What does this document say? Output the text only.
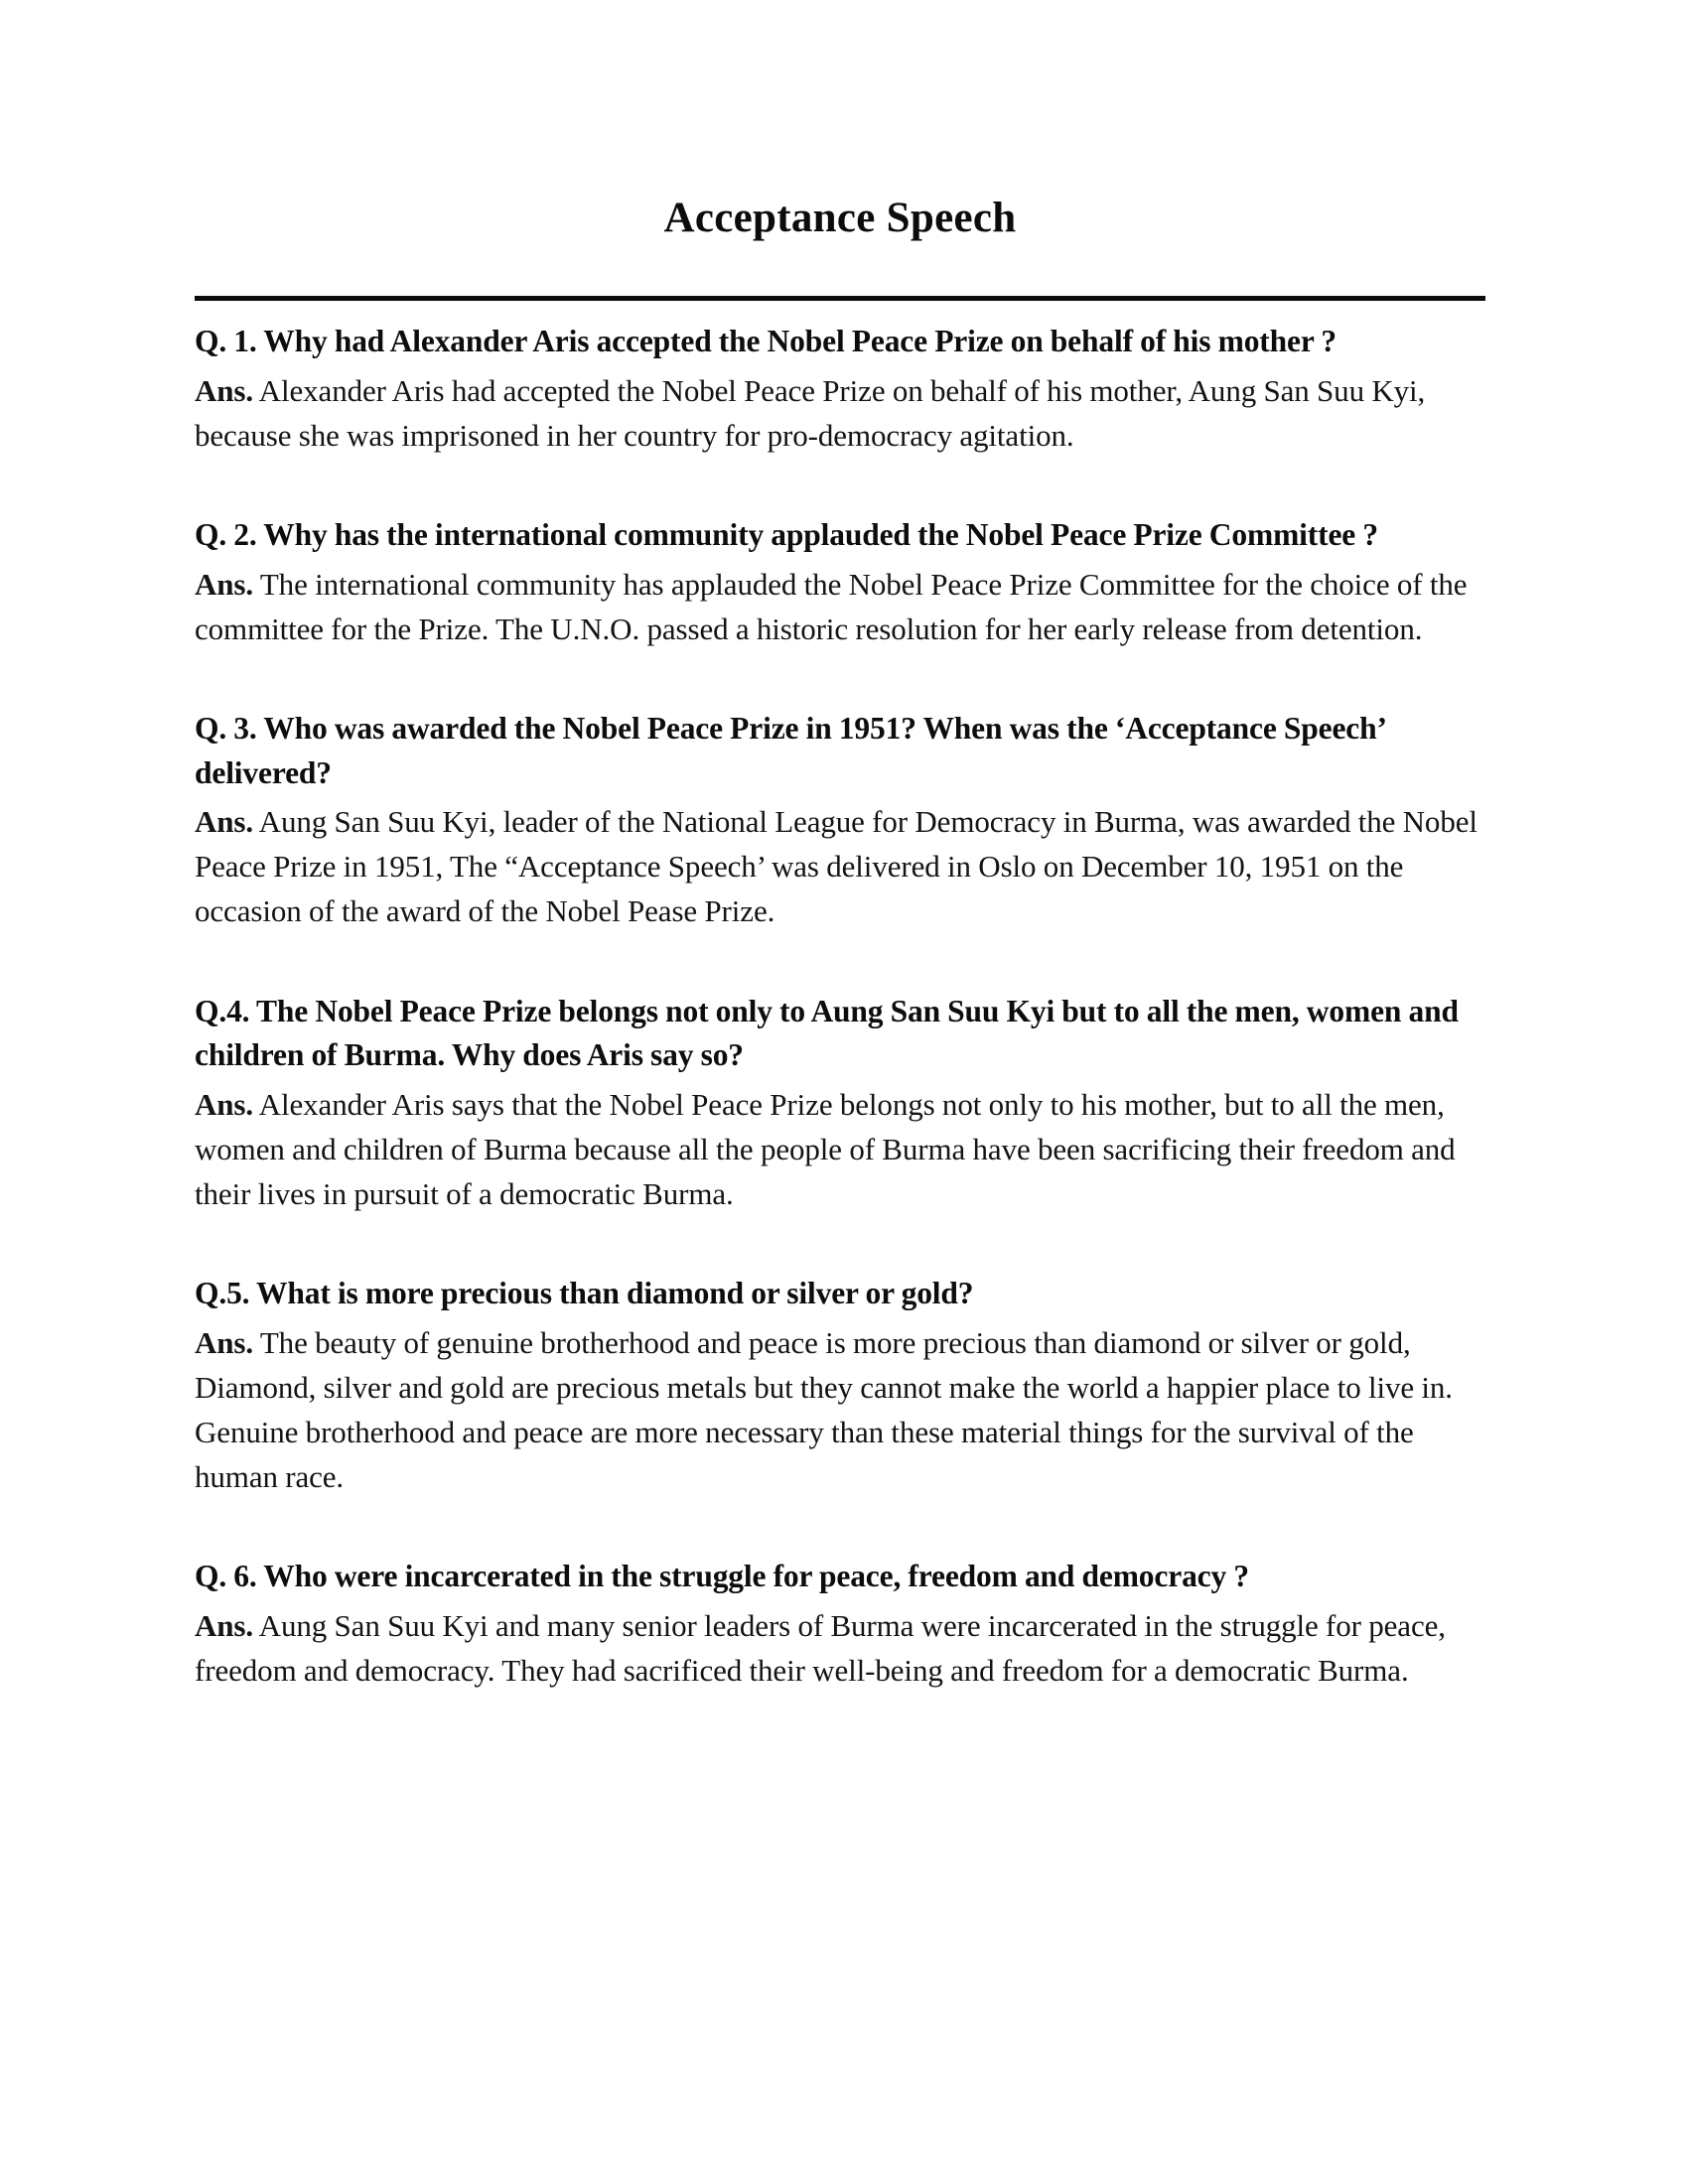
Acceptance Speech

Q. 1. Why had Alexander Aris accepted the Nobel Peace Prize on behalf of his mother ?

Ans. Alexander Aris had accepted the Nobel Peace Prize on behalf of his mother, Aung San Suu Kyi, because she was imprisoned in her country for pro-democracy agitation.

Q. 2. Why has the international community applauded the Nobel Peace Prize Committee ?

Ans. The international community has applauded the Nobel Peace Prize Committee for the choice of the committee for the Prize. The U.N.O. passed a historic resolution for her early release from detention.

Q. 3. Who was awarded the Nobel Peace Prize in 1951? When was the ‘Acceptance Speech’ delivered?

Ans. Aung San Suu Kyi, leader of the National League for Democracy in Burma, was awarded the Nobel Peace Prize in 1951, The “Acceptance Speech’ was delivered in Oslo on December 10, 1951 on the occasion of the award of the Nobel Pease Prize.

Q.4. The Nobel Peace Prize belongs not only to Aung San Suu Kyi but to all the men, women and children of Burma. Why does Aris say so?

Ans. Alexander Aris says that the Nobel Peace Prize belongs not only to his mother, but to all the men, women and children of Burma because all the people of Burma have been sacrificing their freedom and their lives in pursuit of a democratic Burma.

Q.5. What is more precious than diamond or silver or gold?

Ans. The beauty of genuine brotherhood and peace is more precious than diamond or silver or gold, Diamond, silver and gold are precious metals but they cannot make the world a happier place to live in. Genuine brotherhood and peace are more necessary than these material things for the survival of the human race.

Q. 6. Who were incarcerated in the struggle for peace, freedom and democracy ?

Ans. Aung San Suu Kyi and many senior leaders of Burma were incarcerated in the struggle for peace, freedom and democracy. They had sacrificed their well-being and freedom for a democratic Burma.
